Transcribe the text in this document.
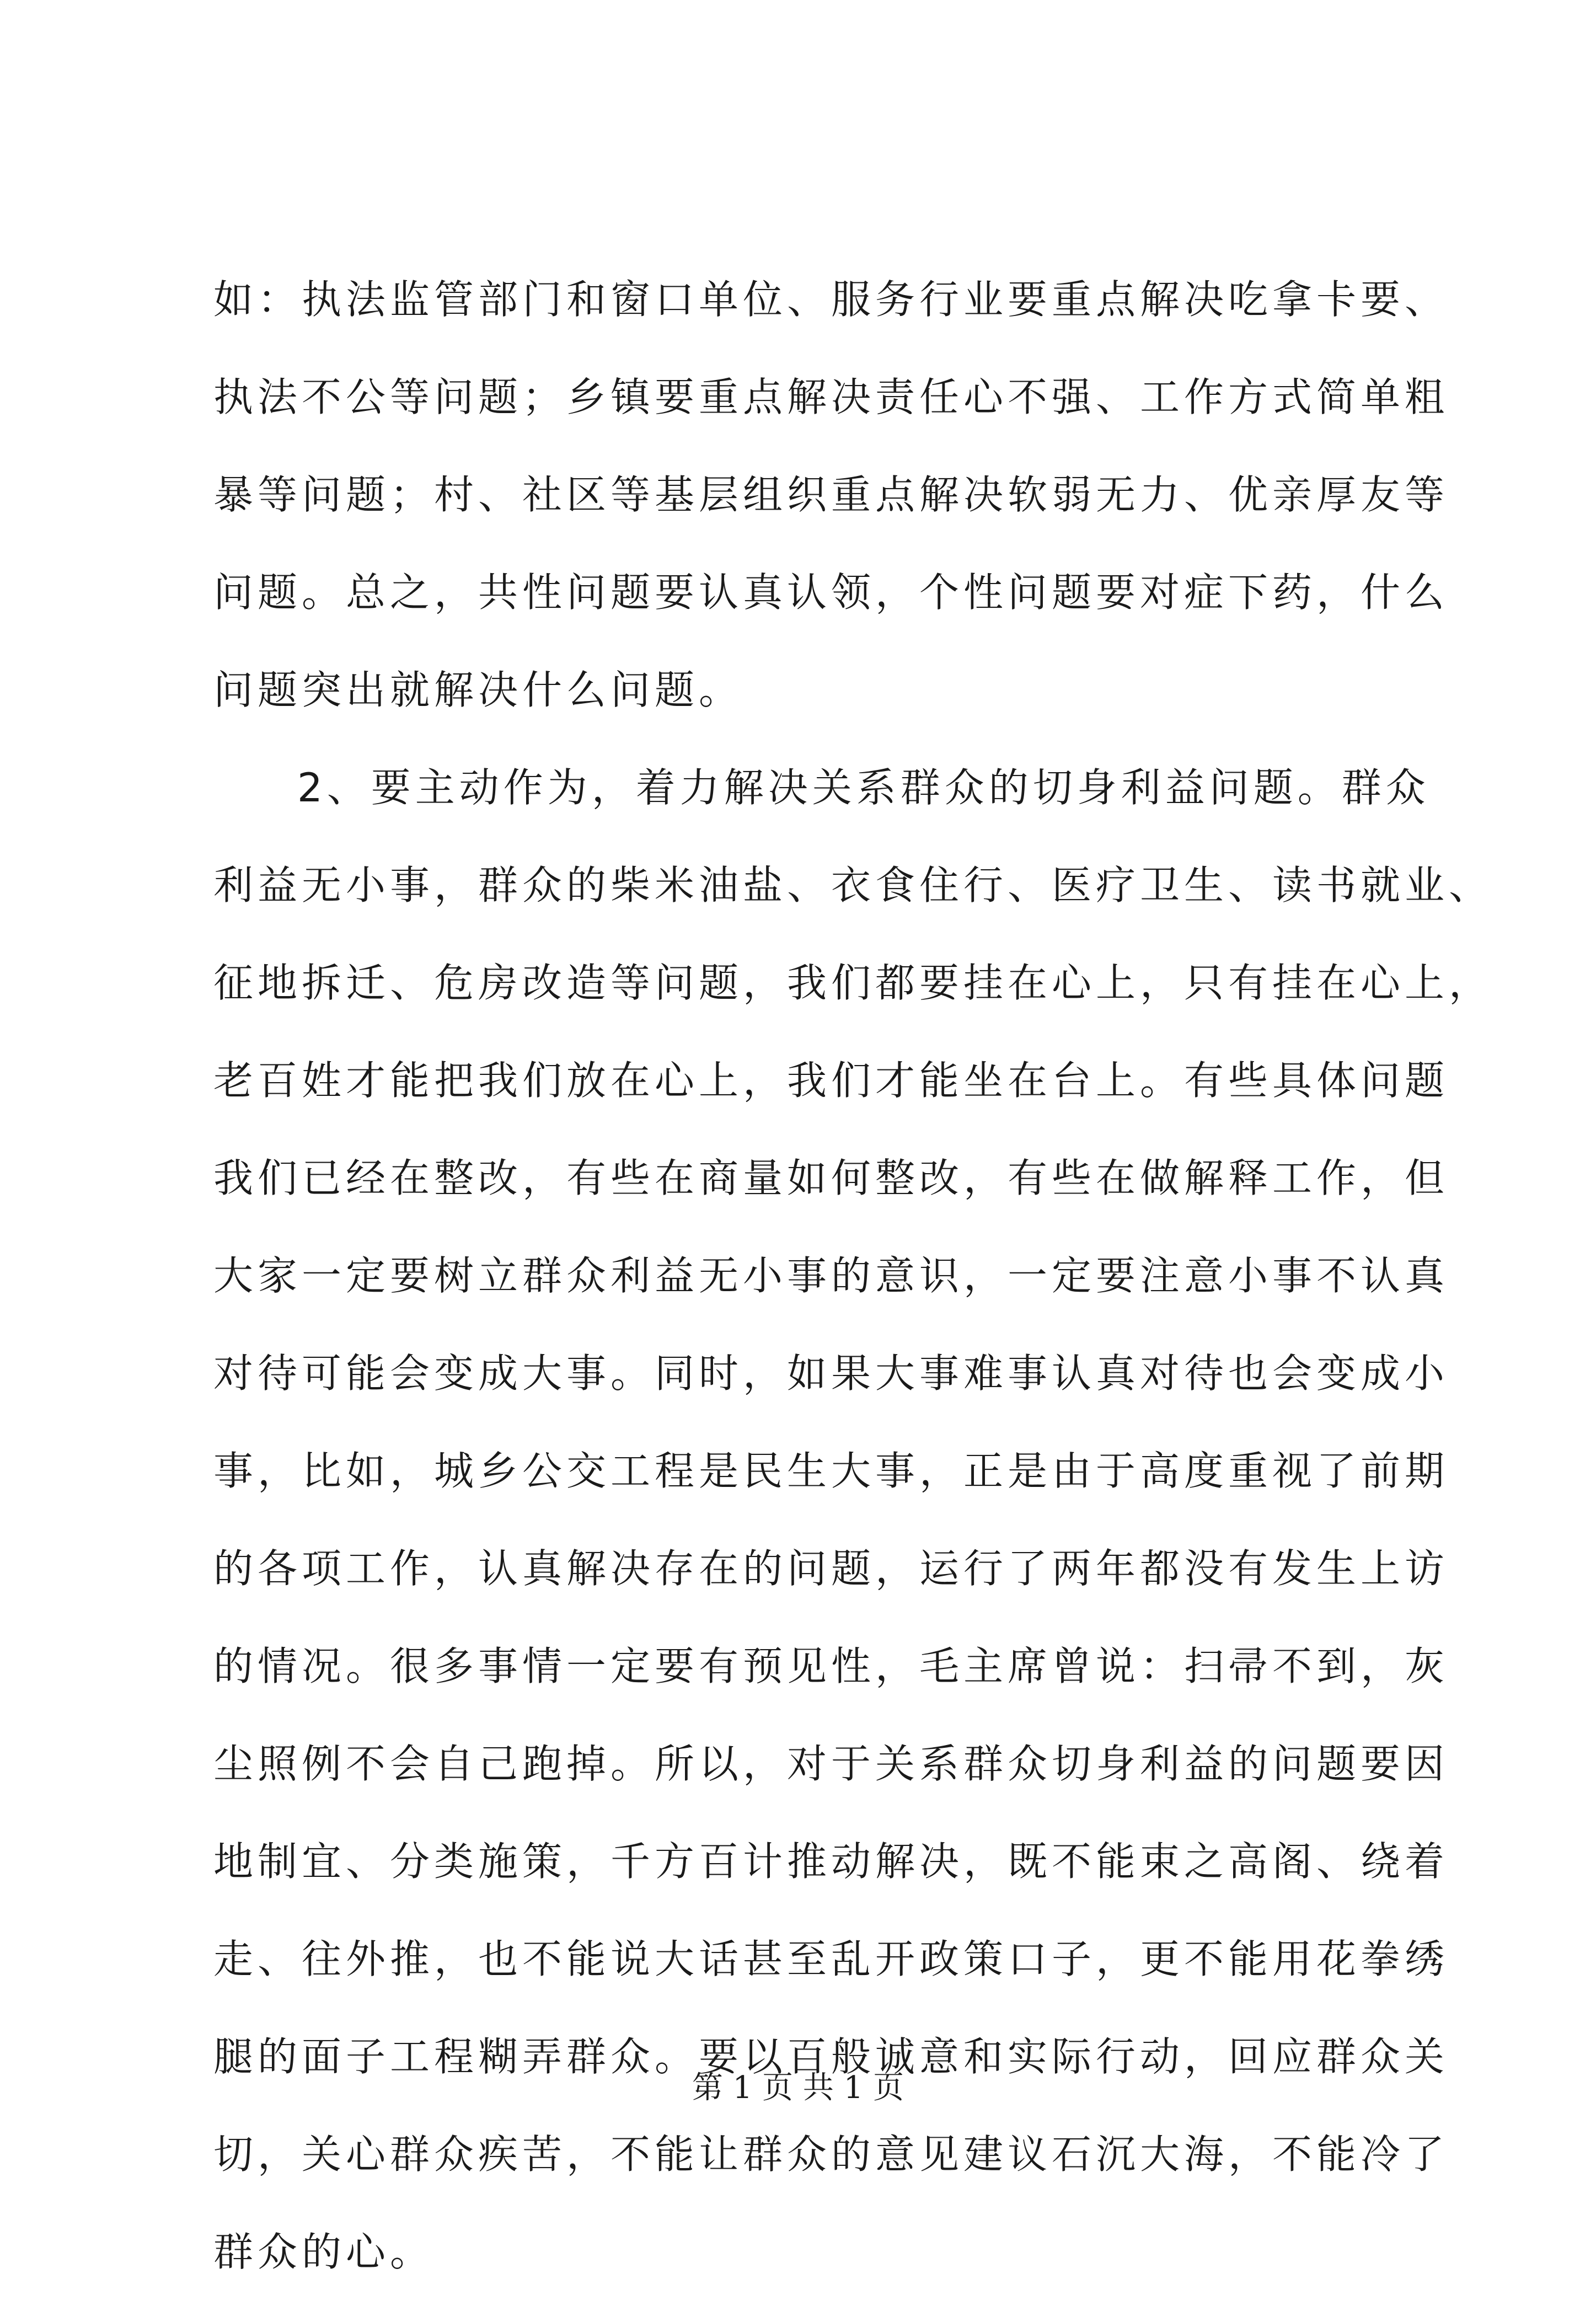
如：执法监管部门和窗口单位、服务行业要重点解决吃拿卡要、
执法不公等问题；乡镇要重点解决责任心不强、工作方式简单粗
暴等问题；村、社区等基层组织重点解决软弱无力、优亲厚友等
问题。总之，共性问题要认真认领，个性问题要对症下药，什么
问题突出就解决什么问题。
2、要主动作为，着力解决关系群众的切身利益问题。群众
利益无小事，群众的柴米油盐、衣食住行、医疗卫生、读书就业、
征地拆迁、危房改造等问题，我们都要挂在心上，只有挂在心上，
老百姓才能把我们放在心上，我们才能坐在台上。有些具体问题
我们已经在整改，有些在商量如何整改，有些在做解释工作，但
大家一定要树立群众利益无小事的意识，一定要注意小事不认真
对待可能会变成大事。同时，如果大事难事认真对待也会变成小
事，比如，城乡公交工程是民生大事，正是由于高度重视了前期
的各项工作，认真解决存在的问题，运行了两年都没有发生上访
的情况。很多事情一定要有预见性，毛主席曾说：扫帚不到，灰
尘照例不会自己跑掉。所以，对于关系群众切身利益的问题要因
地制宜、分类施策，千方百计推动解决，既不能束之高阁、绕着
走、往外推，也不能说大话甚至乱开政策口子，更不能用花拳绣
腿的面子工程糊弄群众。要以百般诚意和实际行动，回应群众关
切，关心群众疾苦，不能让群众的意见建议石沉大海，不能冷了
群众的心。
第 1 页 共 1 页
